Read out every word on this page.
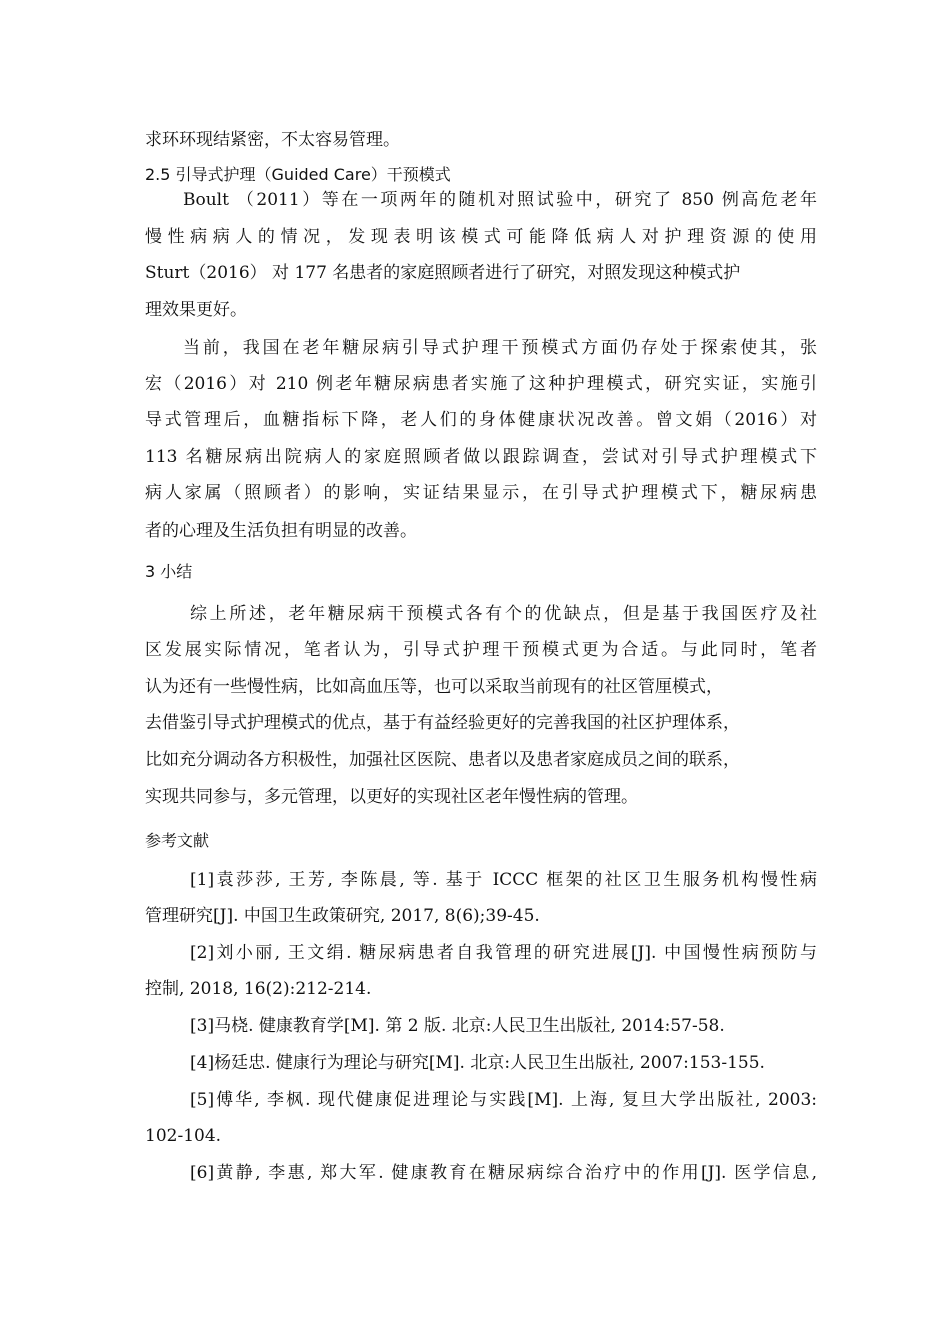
求环环现结紧密，不太容易管理。
2.5 引导式护理（Guided Care）干预模式
Boult （2011）等在一项两年的随机对照试验中，研究了 850 例高危老年
慢性病病人的情况，发现表明该模式可能降低病人对护理资源的使用
Sturt（2016） 对 177 名患者的家庭照顾者进行了研究，对照发现这种模式护
理效果更好。
当前，我国在老年糖尿病引导式护理干预模式方面仍存处于探索使其，张
宏（2016）对 210 例老年糖尿病患者实施了这种护理模式，研究实证，实施引
导式管理后，血糖指标下降，老人们的身体健康状况改善。曾文娟（2016）对
113 名糖尿病出院病人的家庭照顾者做以跟踪调查，尝试对引导式护理模式下
病人家属（照顾者）的影响，实证结果显示，在引导式护理模式下，糖尿病患
者的心理及生活负担有明显的改善。
3 小结
综上所述，老年糖尿病干预模式各有个的优缺点，但是基于我国医疗及社
区发展实际情况，笔者认为，引导式护理干预模式更为合适。与此同时，笔者
认为还有一些慢性病，比如高血压等，也可以采取当前现有的社区管厘模式，
去借鉴引导式护理模式的优点，基于有益经验更好的完善我国的社区护理体系，
比如充分调动各方积极性，加强社区医院、患者以及患者家庭成员之间的联系，
实现共同参与，多元管理，以更好的实现社区老年慢性病的管理。
参考文献
[1]袁莎莎, 王芳, 李陈晨, 等. 基于 ICCC 框架的社区卫生服务机构慢性病
管理研究[J]. 中国卫生政策研究, 2017, 8(6);39-45.
[2]刘小丽, 王文绢. 糖尿病患者自我管理的研究进展[J]. 中国慢性病预防与
控制, 2018, 16(2):212-214.
[3]马桡. 健康教育学[M]. 第 2 版. 北京:人民卫生出版社, 2014:57-58.
[4]杨廷忠. 健康行为理论与研究[M]. 北京:人民卫生出版社, 2007:153-155.
[5]傅华, 李枫. 现代健康促进理论与实践[M]. 上海, 复旦大学出版社, 2003:
102-104.
[6]黄静, 李惠, 郑大军. 健康教育在糖尿病综合治疗中的作用[J]. 医学信息,
